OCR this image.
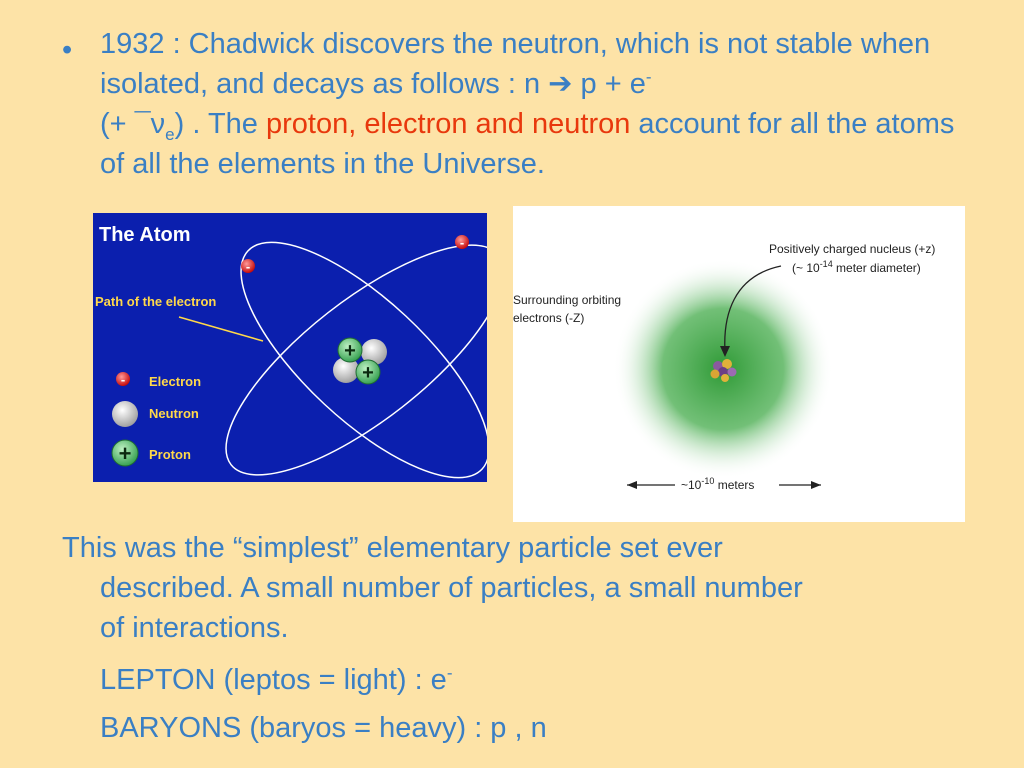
• 1932 : Chadwick discovers the neutron, which is not stable when isolated, and decays as follows : n ➔ p + e-
(+ $¯\nu_e$) . The proton, electron and neutron account for all the atoms of all the elements in the Universe.
The Atom
Path of the electron
-
-
+
+
- Electron
Neutron
+ Proton
Positively charged nucleus (+z)
(~ $10^{-14}$ meter diameter)
Surrounding orbiting
electrons (-Z)
$\sim 10^{-10}$ meters
This was the “simplest” elementary particle set ever
described. A small number of particles, a small number
of interactions.
LEPTON (leptos = light) : e-
BARYONS (baryos = heavy) : p , n
